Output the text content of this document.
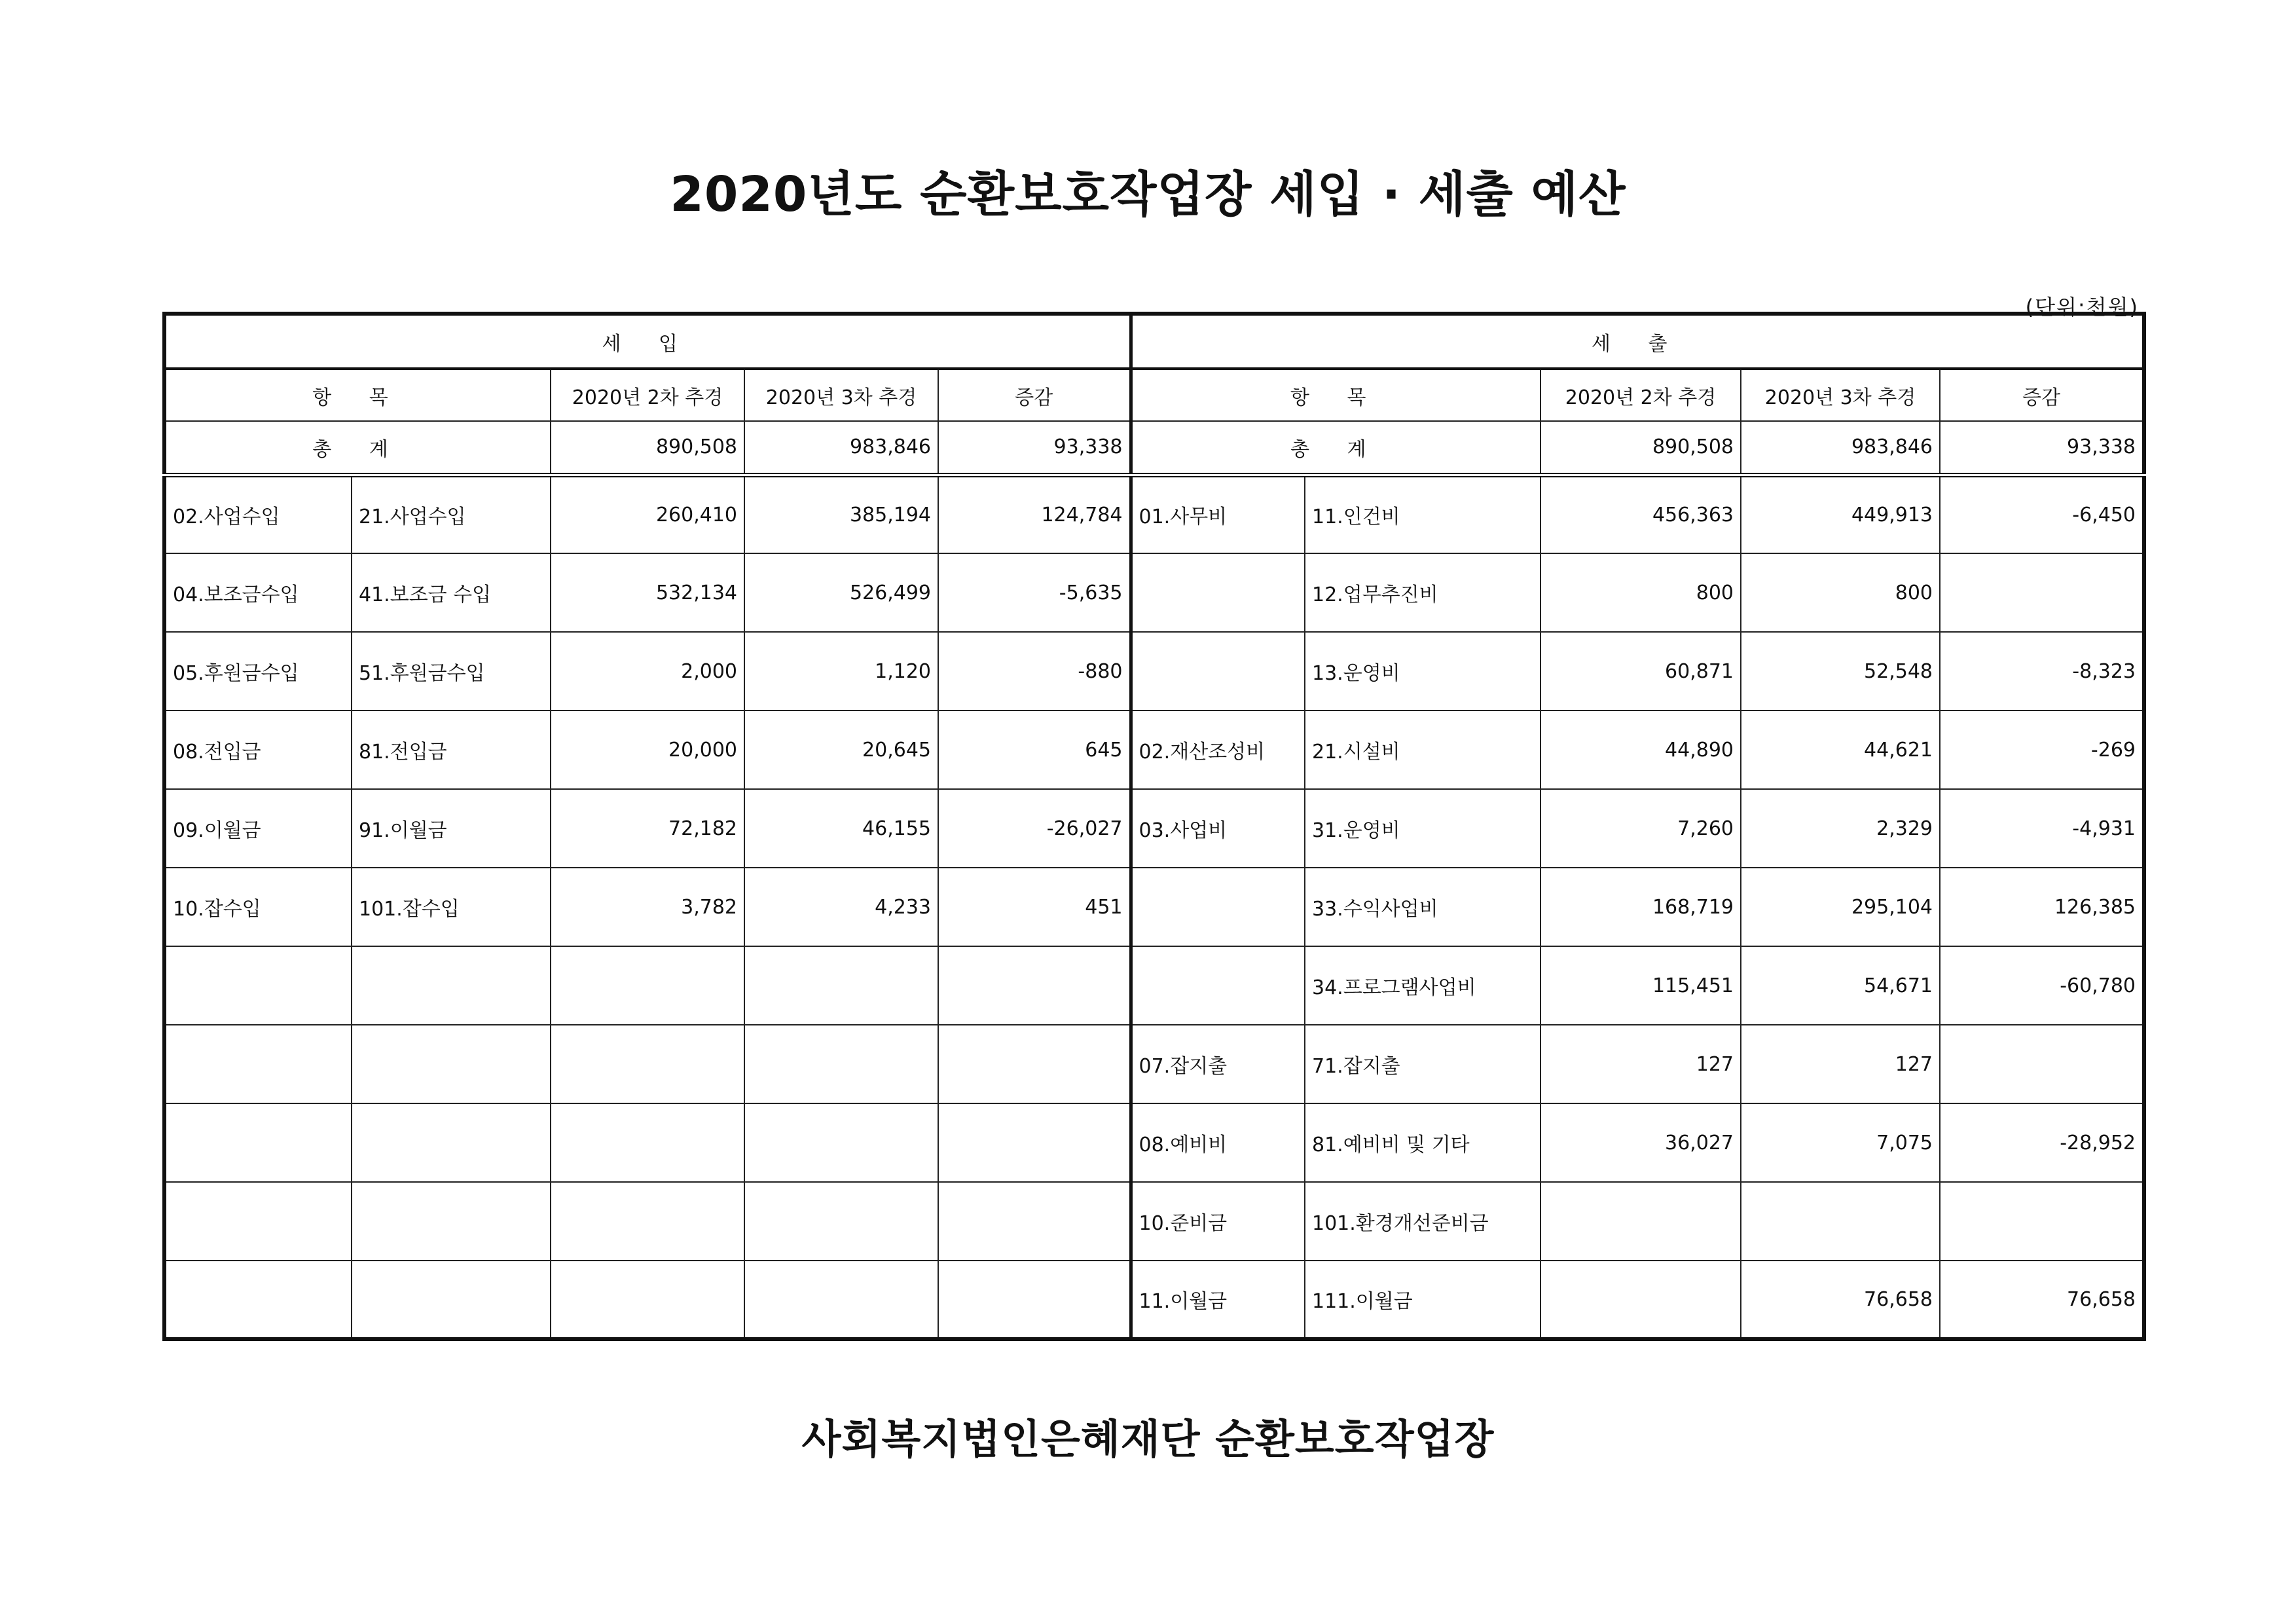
2020년도 순환보호작업장 세입 · 세출 예산
(단위:천원)
세 입					세 출				
항 목		2020년 2차 추경	2020년 3차 추경	증감	항 목		2020년 2차 추경	2020년 3차 추경	증감
총 계		890,508	983,846	93,338	총 계		890,508	983,846	93,338
02.사업수입	21.사업수입	260,410	385,194	124,784	01.사무비	11.인건비	456,363	449,913	-6,450
04.보조금수입	41.보조금 수입	532,134	526,499	-5,635		12.업무추진비	800	800	
05.후원금수입	51.후원금수입	2,000	1,120	-880		13.운영비	60,871	52,548	-8,323
08.전입금	81.전입금	20,000	20,645	645	02.재산조성비	21.시설비	44,890	44,621	-269
09.이월금	91.이월금	72,182	46,155	-26,027	03.사업비	31.운영비	7,260	2,329	-4,931
10.잡수입	101.잡수입	3,782	4,233	451		33.수익사업비	168,719	295,104	126,385
						34.프로그램사업비	115,451	54,671	-60,780
					07.잡지출	71.잡지출	127	127	
					08.예비비	81.예비비 및 기타	36,027	7,075	-28,952
					10.준비금	101.환경개선준비금			
					11.이월금	111.이월금		76,658	76,658
사회복지법인은혜재단 순환보호작업장
